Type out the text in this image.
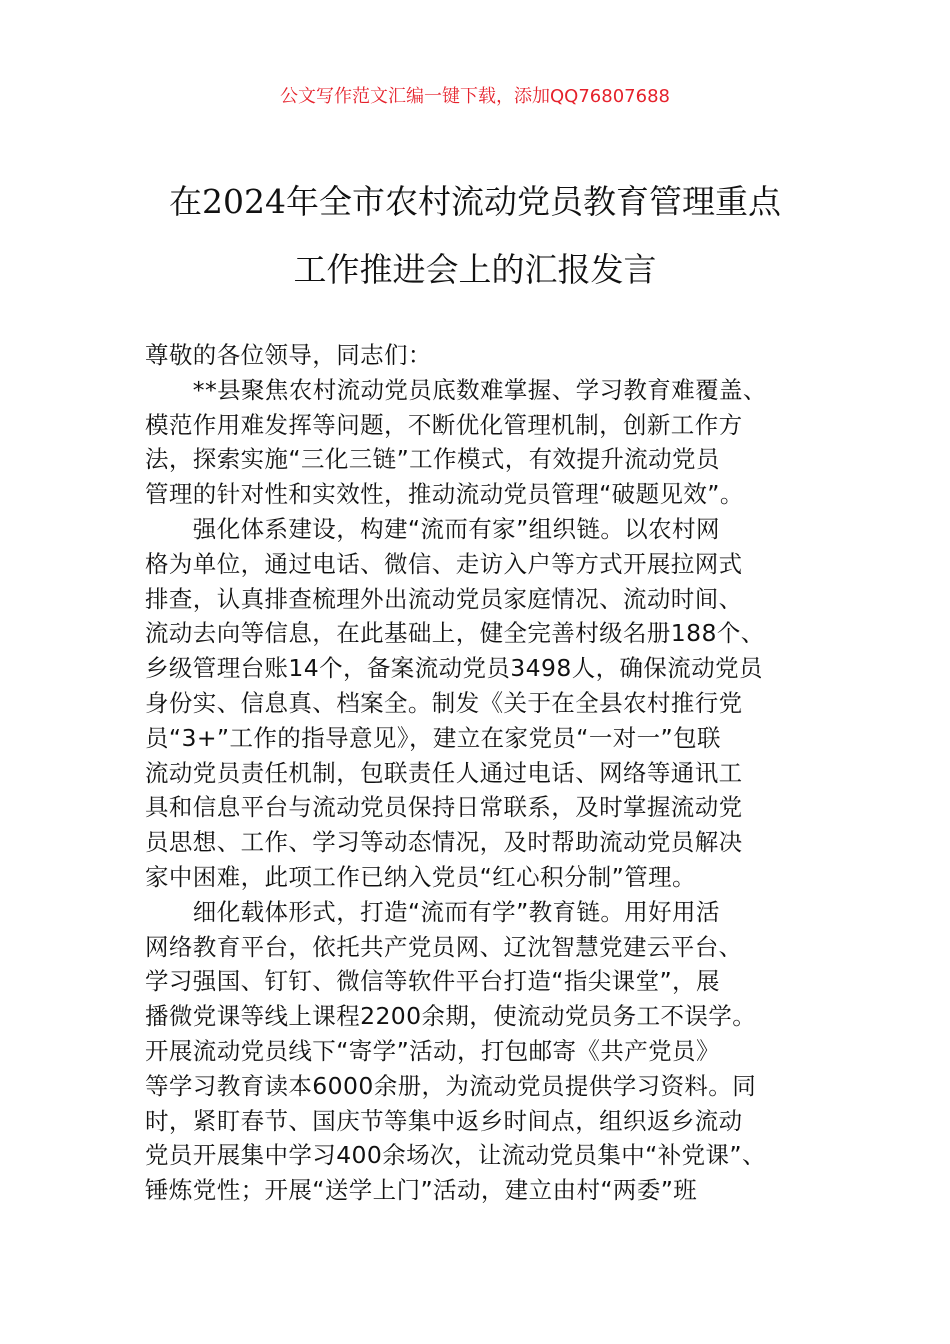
公文写作范文汇编一键下载，添加QQ76807688
在2024年全市农村流动党员教育管理重点
工作推进会上的汇报发言
尊敬的各位领导，同志们：
　　**县聚焦农村流动党员底数难掌握、学习教育难覆盖、
模范作用难发挥等问题，不断优化管理机制，创新工作方
法，探索实施“三化三链”工作模式，有效提升流动党员
管理的针对性和实效性，推动流动党员管理“破题见效”。
　　强化体系建设，构建“流而有家”组织链。以农村网
格为单位，通过电话、微信、走访入户等方式开展拉网式
排查，认真排查梳理外出流动党员家庭情况、流动时间、
流动去向等信息，在此基础上，健全完善村级名册188个、
乡级管理台账14个，备案流动党员3498人，确保流动党员
身份实、信息真、档案全。制发《关于在全县农村推行党
员“3+”工作的指导意见》，建立在家党员“一对一”包联
流动党员责任机制，包联责任人通过电话、网络等通讯工
具和信息平台与流动党员保持日常联系，及时掌握流动党
员思想、工作、学习等动态情况，及时帮助流动党员解决
家中困难，此项工作已纳入党员“红心积分制”管理。
　　细化载体形式，打造“流而有学”教育链。用好用活
网络教育平台，依托共产党员网、辽沈智慧党建云平台、
学习强国、钉钉、微信等软件平台打造“指尖课堂”，展
播微党课等线上课程2200余期，使流动党员务工不误学。
开展流动党员线下“寄学”活动，打包邮寄《共产党员》
等学习教育读本6000余册，为流动党员提供学习资料。同
时，紧盯春节、国庆节等集中返乡时间点，组织返乡流动
党员开展集中学习400余场次，让流动党员集中“补党课”、
锤炼党性；开展“送学上门”活动，建立由村“两委”班
